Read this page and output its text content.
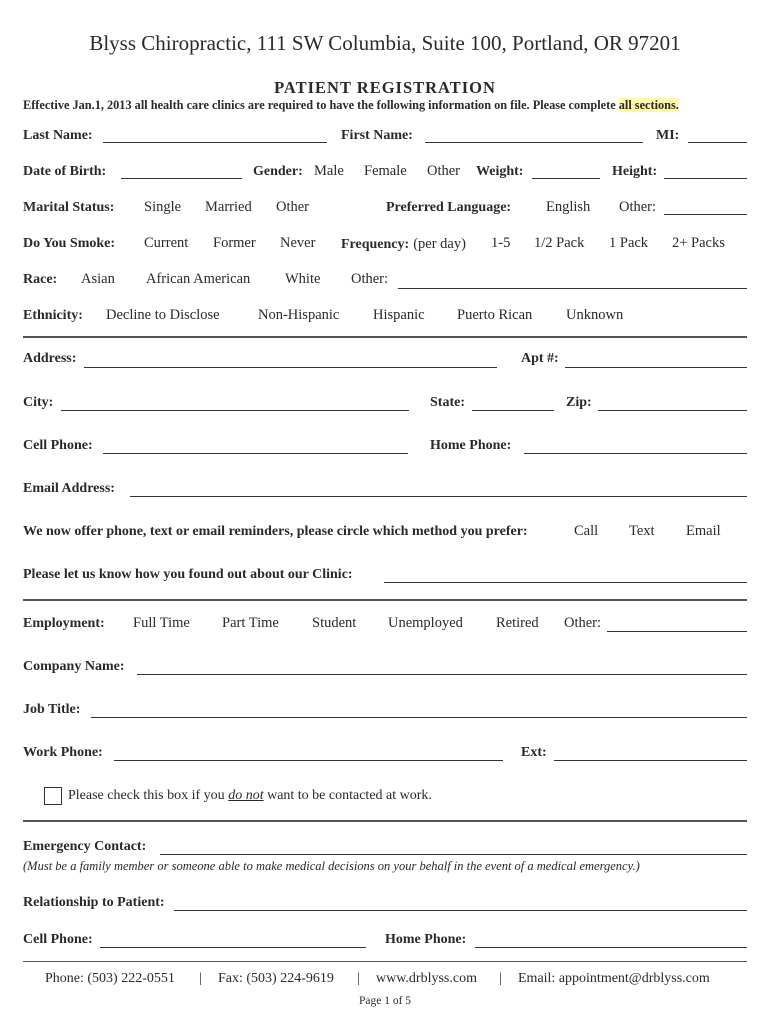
Blyss Chiropractic, 111 SW Columbia, Suite 100, Portland, OR 97201
PATIENT REGISTRATION
Effective Jan.1, 2013 all health care clinics are required to have the following information on file. Please complete all sections.
Last Name:	First Name:	MI:
Date of Birth:	Gender: Male Female Other Weight:	Height:
Marital Status: Single Married Other	Preferred Language: English Other:
Do You Smoke: Current Former Never Frequency: (per day) 1-5 1/2 Pack 1 Pack 2+ Packs
Race: Asian African American White Other:
Ethnicity: Decline to Disclose	Non-Hispanic Hispanic Puerto Rican Unknown
Address:	Apt #:
City:	State:	Zip:
Cell Phone:	Home Phone:
Email Address:
We now offer phone, text or email reminders, please circle which method you prefer:	Call Text Email
Please let us know how you found out about our Clinic:
Employment: Full Time Part Time Student Unemployed Retired Other:
Company Name:
Job Title:
Work Phone:	Ext:
Please check this box if you do not want to be contacted at work.
Emergency Contact:
(Must be a family member or someone able to make medical decisions on your behalf in the event of a medical emergency.)
Relationship to Patient:
Cell Phone:	Home Phone:
Phone: (503) 222-0551 | Fax: (503) 224-9619 | www.drblyss.com | Email: appointment@drblyss.com
Page 1 of 5
